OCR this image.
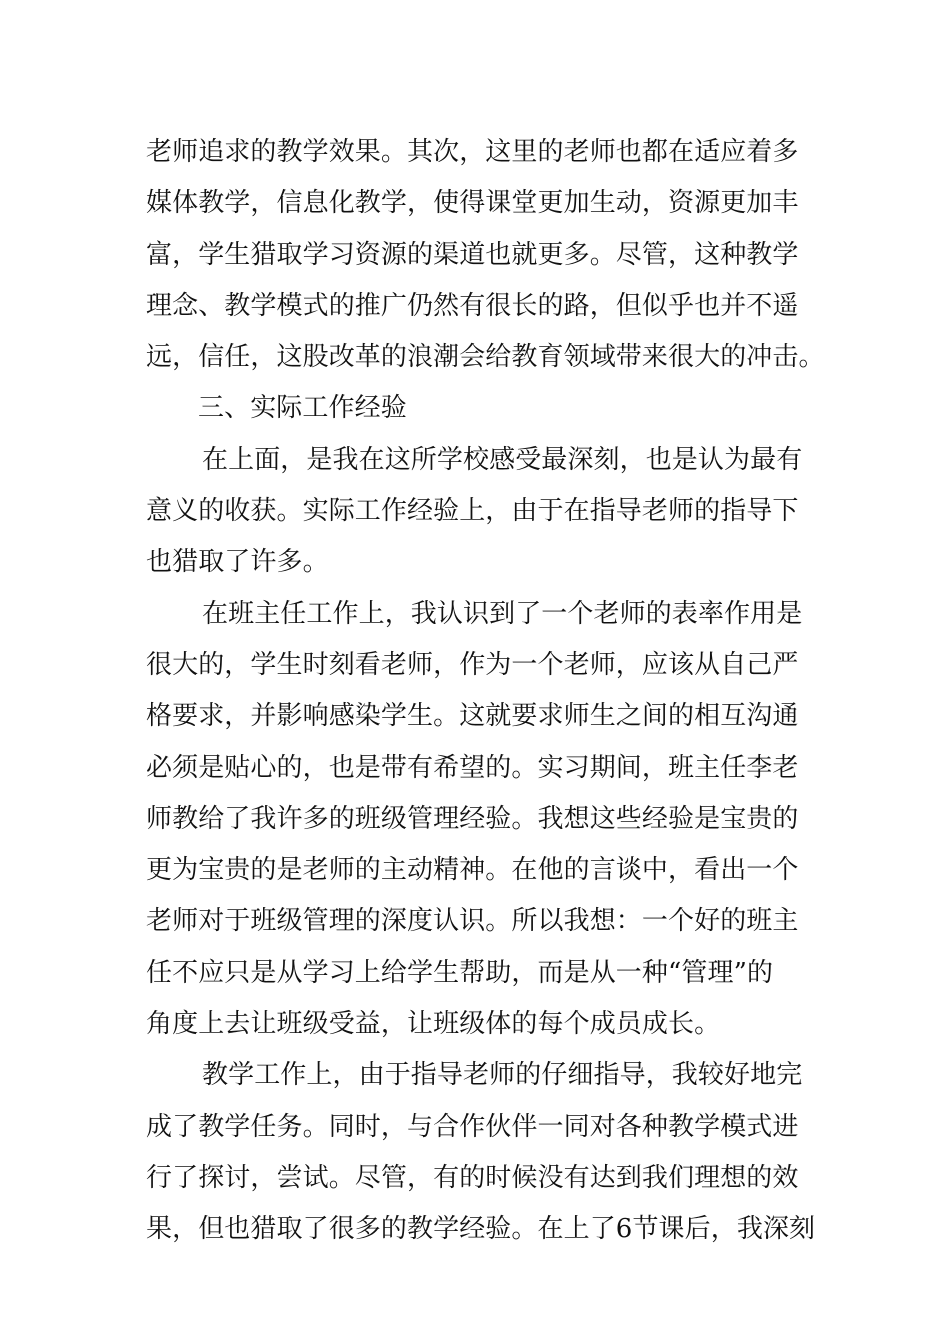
老师追求的教学效果。其次，这里的老师也都在适应着多
媒体教学，信息化教学，使得课堂更加生动，资源更加丰
富，学生猎取学习资源的渠道也就更多。尽管，这种教学
理念、教学模式的推广仍然有很长的路，但似乎也并不遥
远，信任，这股改革的浪潮会给教育领域带来很大的冲击。
三、实际工作经验
在上面，是我在这所学校感受最深刻，也是认为最有
意义的收获。实际工作经验上，由于在指导老师的指导下
也猎取了许多。
在班主任工作上，我认识到了一个老师的表率作用是
很大的，学生时刻看老师，作为一个老师，应该从自己严
格要求，并影响感染学生。这就要求师生之间的相互沟通
必须是贴心的，也是带有希望的。实习期间，班主任李老
师教给了我许多的班级管理经验。我想这些经验是宝贵的
更为宝贵的是老师的主动精神。在他的言谈中，看出一个
老师对于班级管理的深度认识。所以我想：一个好的班主
任不应只是从学习上给学生帮助，而是从一种“管理”的
角度上去让班级受益，让班级体的每个成员成长。
教学工作上，由于指导老师的仔细指导，我较好地完
成了教学任务。同时，与合作伙伴一同对各种教学模式进
行了探讨，尝试。尽管，有的时候没有达到我们理想的效
果，但也猎取了很多的教学经验。在上了6节课后，我深刻
